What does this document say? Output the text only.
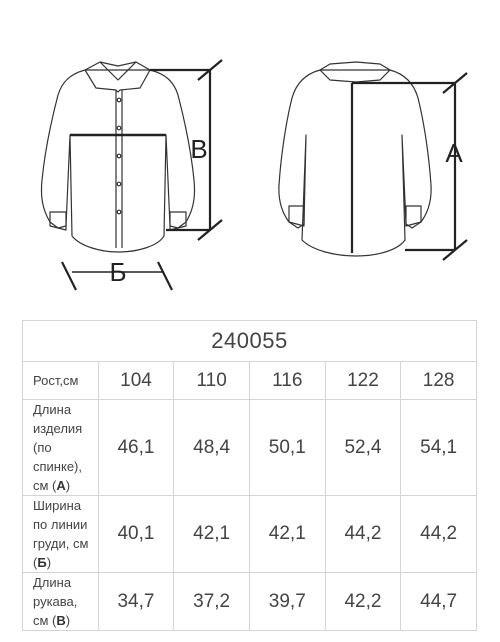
В
Б
А
240055					
Рост,см	104	110	116	122	128
Длина изделия (по спинке), см (А)	46,1	48,4	50,1	52,4	54,1
Ширина по линии груди, см (Б)	40,1	42,1	42,1	44,2	44,2
Длина рукава, см (В)	34,7	37,2	39,7	42,2	44,7
